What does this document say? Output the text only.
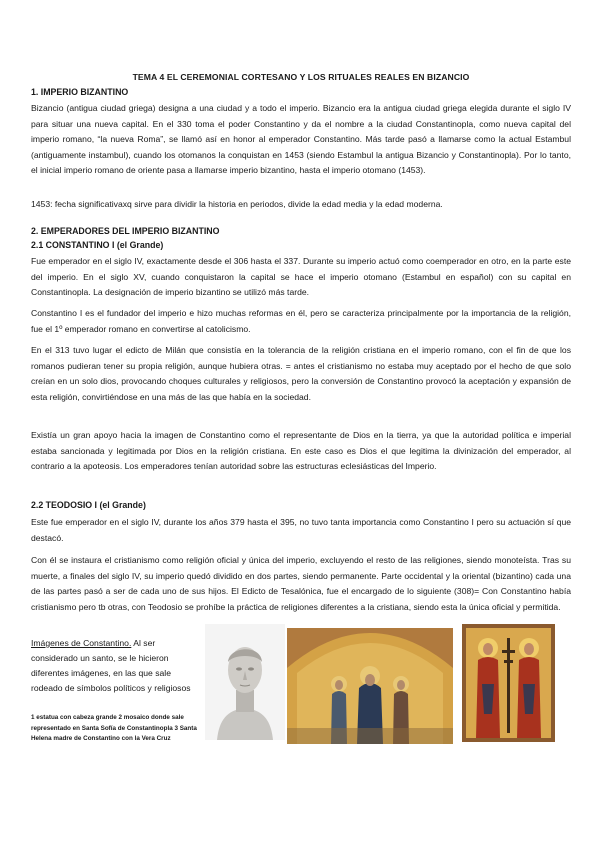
TEMA 4 EL CEREMONIAL CORTESANO Y LOS RITUALES REALES EN BIZANCIO
1. IMPERIO BIZANTINO

Bizancio (antigua ciudad griega) designa a una ciudad y a todo el imperio. Bizancio era la antigua ciudad griega elegida durante el siglo IV para situar una nueva capital. En el 330 toma el poder Constantino y da el nombre a la ciudad Constantinopla, como nueva capital del imperio romano, “la nueva Roma”, se llamó así en honor al emperador Constantino. Más tarde pasó a llamarse como la actual Estambul (antiguamente instambul), cuando los otomanos la conquistan en 1453 (siendo Estambul la antigua Bizancio y Constantinopla). Por lo tanto, el inicial imperio romano de oriente pasa a llamarse imperio bizantino, hasta el imperio otomano (1453).

1453: fecha significativaxq sirve para dividir la historia en periodos, divide la edad media y la edad moderna.

2. EMPERADORES DEL IMPERIO BIZANTINO
2.1 CONSTANTINO I (el Grande)

Fue emperador en el siglo IV, exactamente desde el 306 hasta el 337. Durante su imperio actuó como coemperador en otro, en la parte este del imperio. En el siglo XV, cuando conquistaron la capital se hace el imperio otomano (Estambul en español) con su capital en Constantinopla. La designación de imperio bizantino se utilizó más tarde.

Constantino I es el fundador del imperio e hizo muchas reformas en él, pero se caracteriza principalmente por la importancia de la religión, fue el 1º emperador romano en convertirse al catolicismo.

En el 313 tuvo lugar el edicto de Milán que consistía en la tolerancia de la religión cristiana en el imperio romano, con el fin de que los romanos pudieran tener su propia religión, aunque hubiera otras. = antes el cristianismo no estaba muy aceptado por el hecho de que solo creían en un solo dios, provocando choques culturales y religiosos, pero la conversión de Constantino provocó la aceptación y expansión de esta religión, convirtiéndose en una más de las que había en la sociedad.

Existía un gran apoyo hacia la imagen de Constantino como el representante de Dios en la tierra, ya que la autoridad política e imperial estaba sancionada y legitimada por Dios en la religión cristiana. En este caso es Dios el que legitima la divinización del emperador, al contrario a la apoteosis. Los emperadores tenían autoridad sobre las estructuras eclesiásticas del Imperio.

2.2 TEODOSIO I (el Grande)

Este fue emperador en el siglo IV, durante los años 379 hasta el 395, no tuvo tanta importancia como Constantino I pero su actuación sí que destacó.

Con él se instaura el cristianismo como religión oficial y única del imperio, excluyendo el resto de las religiones, siendo monoteísta. Tras su muerte, a finales del siglo IV, su imperio quedó dividido en dos partes, siendo permanente. Parte occidental y la oriental (bizantino) cada una de las partes pasó a ser de cada uno de sus hijos. El Edicto de Tesalónica, fue el encargado de lo siguiente (308)= Con Constantino había cristianismo pero tb otras, con Teodosio se prohíbe la práctica de religiones diferentes a la cristiana, siendo esta la única oficial y permitida.

Imágenes de Constantino. Al ser considerado un santo, se le hicieron diferentes imágenes, en las que sale rodeado de símbolos políticos y religiosos
1 estatua con cabeza grande 2 mosaico donde sale representado en Santa Sofía de Constantinopla 3 Santa Helena madre de Constantino con la Vera Cruz
